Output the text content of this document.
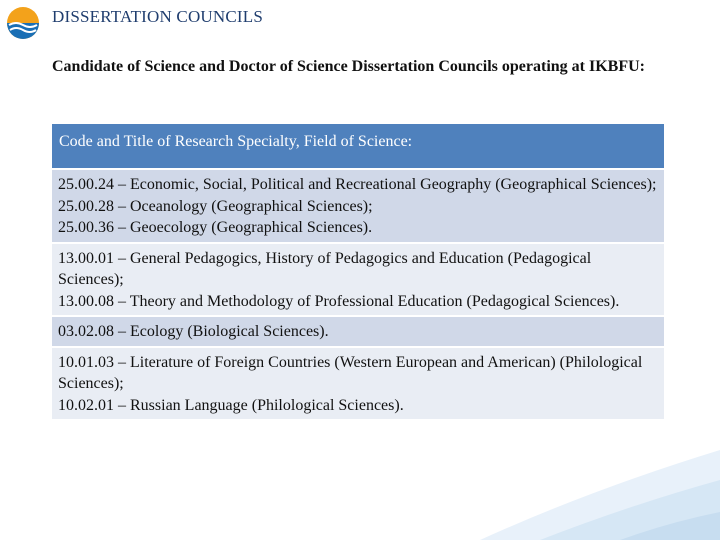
DISSERTATION COUNCILS
Candidate of Science and Doctor of Science Dissertation Councils operating at IKBFU:
Code and Title of Research Specialty, Field of Science:
25.00.24 – Economic, Social, Political and Recreational Geography (Geographical Sciences);
25.00.28 – Oceanology (Geographical Sciences);
25.00.36 – Geoecology (Geographical Sciences).
13.00.01 – General Pedagogics, History of Pedagogics and Education (Pedagogical Sciences);
13.00.08 – Theory and Methodology of Professional Education (Pedagogical Sciences).
03.02.08 – Ecology (Biological Sciences).
10.01.03 – Literature of Foreign Countries (Western European and American) (Philological Sciences);
10.02.01 – Russian Language (Philological Sciences).
